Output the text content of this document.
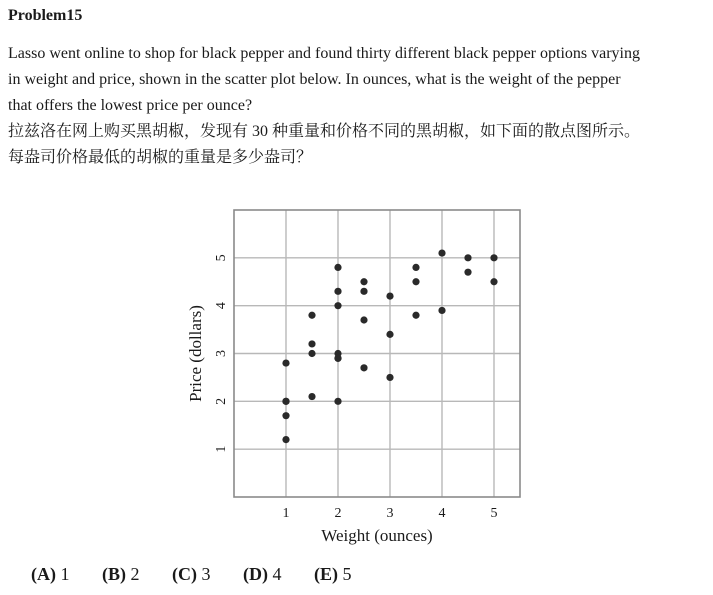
Problem15
Lasso went online to shop for black pepper and found thirty different black pepper options varying
in weight and price, shown in the scatter plot below. In ounces, what is the weight of the pepper
that offers the lowest price per ounce?
拉兹洛在网上购买黑胡椒，发现有 30 种重量和价格不同的黑胡椒，如下面的散点图所示。
每盎司价格最低的胡椒的重量是多少盎司？
1	2	3	4	5
1
2
3
4
5
Weight (ounces)
Price (dollars)
(A) 1 (B) 2 (C) 3 (D) 4 (E) 5
